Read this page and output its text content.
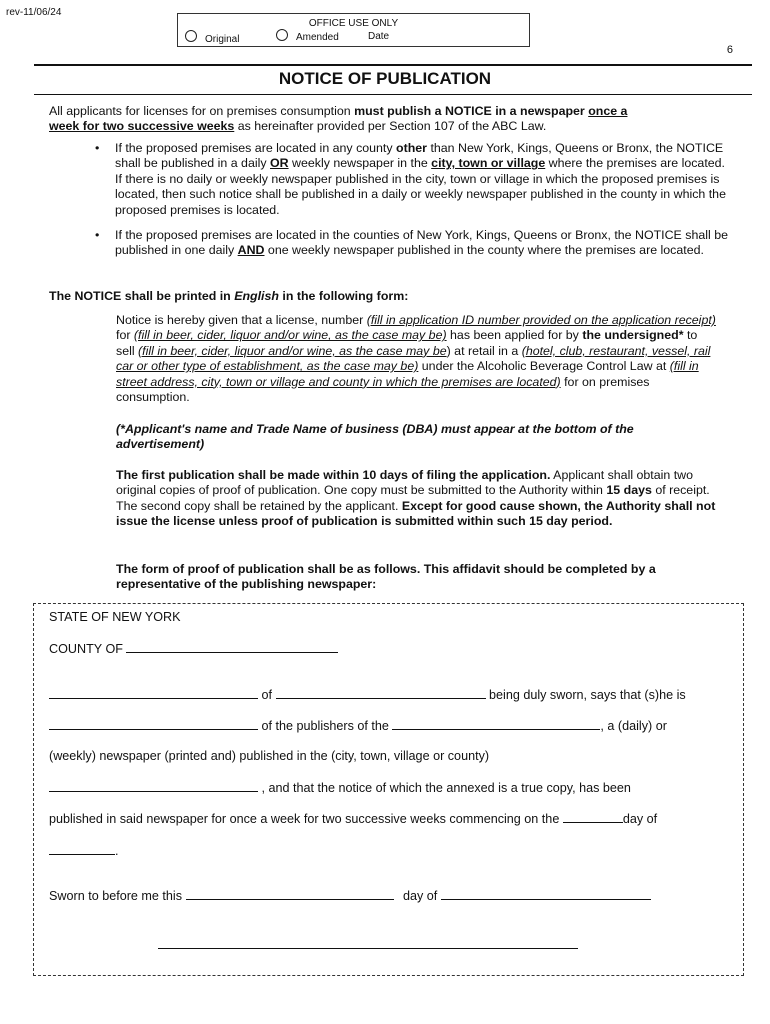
rev-11/06/24
OFFICE USE ONLY
Original	Amended	Date
6
NOTICE OF PUBLICATION
All applicants for licenses for on premises consumption must publish a NOTICE in a newspaper once a
week for two successive weeks as hereinafter provided per Section 107 of the ABC Law.
• If the proposed premises are located in any county other than New York, Kings, Queens or Bronx, the NOTICE shall be published in a daily OR weekly newspaper in the city, town or village where the premises are located. If there is no daily or weekly newspaper published in the city, town or village in which the proposed premises is located, then such notice shall be published in a daily or weekly newspaper published in the county in which the proposed premises is located.
• If the proposed premises are located in the counties of New York, Kings, Queens or Bronx, the NOTICE shall be published in one daily AND one weekly newspaper published in the county where the premises are located.
The NOTICE shall be printed in English in the following form:
Notice is hereby given that a license, number (fill in application ID number provided on the application receipt) for (fill in beer, cider, liquor and/or wine, as the case may be) has been applied for by the undersigned* to sell (fill in beer, cider, liquor and/or wine, as the case may be) at retail in a (hotel, club, restaurant, vessel, rail car or other type of establishment, as the case may be) under the Alcoholic Beverage Control Law at (fill in street address, city, town or village and county in which the premises are located) for on premises consumption.
(*Applicant's name and Trade Name of business (DBA) must appear at the bottom of the advertisement)
The first publication shall be made within 10 days of filing the application. Applicant shall obtain two original copies of proof of publication. One copy must be submitted to the Authority within 15 days of receipt. The second copy shall be retained by the applicant. Except for good cause shown, the Authority shall not issue the license unless proof of publication is submitted within such 15 day period.
The form of proof of publication shall be as follows. This affidavit should be completed by a representative of the publishing newspaper:
STATE OF NEW YORK
COUNTY OF
of	being duly sworn, says that (s)he is
of the publishers of the	, a (daily) or
(weekly) newspaper (printed and) published in the (city, town, village or county)
, and that the notice of which the annexed is a true copy, has been
published in said newspaper for once a week for two successive weeks commencing on the	day of
.
Sworn to before me this	day of
